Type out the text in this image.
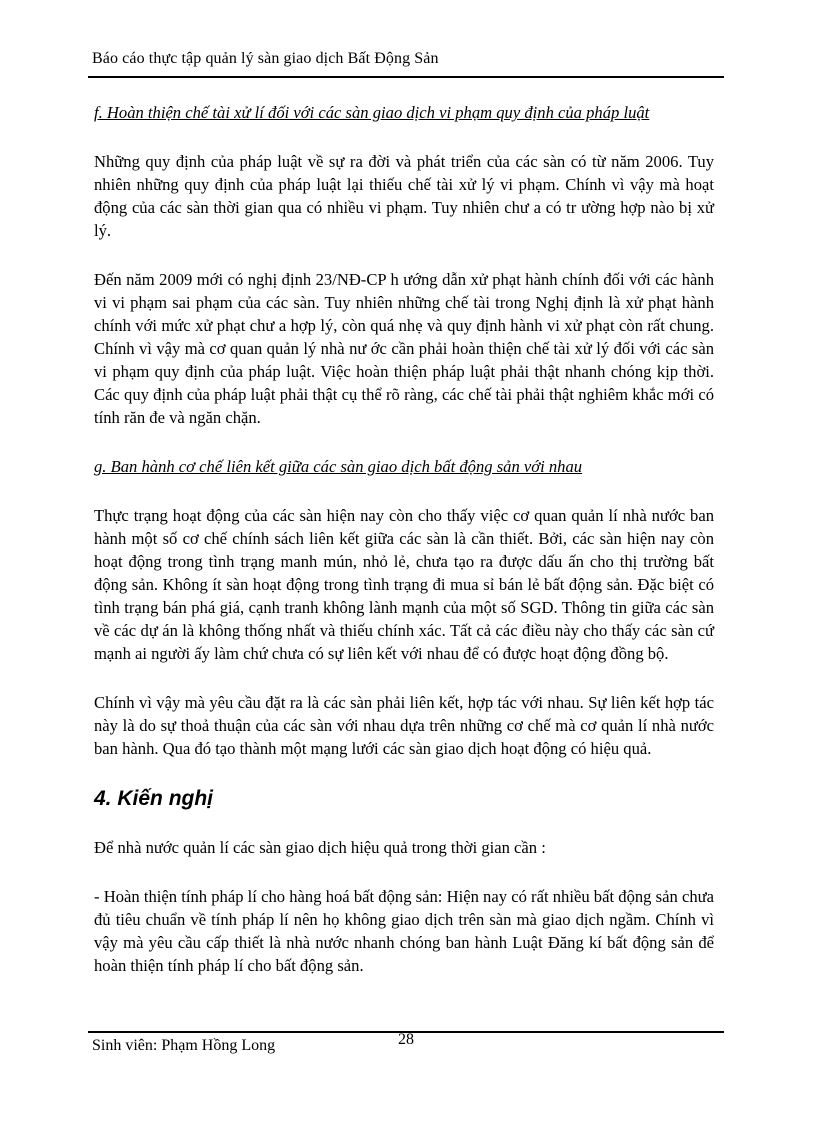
Báo cáo thực tập quản lý sàn giao dịch Bất Động Sản

f. Hoàn thiện chế tài xử lí đối với các sàn giao dịch vi phạm quy định của pháp luật

Những quy định của pháp luật về sự ra đời và phát triển của các sàn có từ năm 2006. Tuy nhiên những quy định của pháp luật lại thiếu chế tài xử lý vi phạm. Chính vì vậy mà hoạt động của các sàn thời gian qua có nhiều vi phạm. Tuy nhiên chư a có tr ường hợp nào bị xử lý.

Đến năm 2009 mới có nghị định 23/NĐ-CP h ướng dẫn xử phạt hành chính đối với các hành vi vi phạm sai phạm của các sàn. Tuy nhiên những chế tài trong Nghị định là xử phạt hành chính với mức xử phạt chư a hợp lý, còn quá nhẹ và quy định hành vi xử phạt còn rất chung. Chính vì vậy mà cơ quan quản lý nhà nư ớc cần phải hoàn thiện chế tài xử lý đối với các sàn vi phạm quy định của pháp luật. Việc hoàn thiện pháp luật phải thật nhanh chóng kịp thời. Các quy định của pháp luật phải thật cụ thể rõ ràng, các chế tài phải thật nghiêm khắc mới có tính răn đe và ngăn chặn.

g. Ban hành cơ chế liên kết giữa các sàn giao dịch bất động sản với nhau

Thực trạng hoạt động của các sàn hiện nay còn cho thấy việc cơ quan quản lí nhà nước ban hành một số cơ chế chính sách liên kết giữa các sàn là cần thiết. Bởi, các sàn hiện nay còn hoạt động trong tình trạng manh mún, nhỏ lẻ, chưa tạo ra được dấu ấn cho thị trường bất động sản. Không ít sàn hoạt động trong tình trạng đi mua sỉ bán lẻ bất động sản. Đặc biệt có tình trạng bán phá giá, cạnh tranh không lành mạnh của một số SGD. Thông tin giữa các sàn về các dự án là không thống nhất và thiếu chính xác. Tất cả các điều này cho thấy các sàn cứ mạnh ai người ấy làm chứ chưa có sự liên kết với nhau để có được hoạt động đồng bộ.

Chính vì vậy mà yêu cầu đặt ra là các sàn phải liên kết, hợp tác với nhau. Sự liên kết hợp tác này là do sự thoả thuận của các sàn với nhau dựa trên những cơ chế mà cơ quản lí nhà nước ban hành. Qua đó tạo thành một mạng lưới các sàn giao dịch hoạt động có hiệu quả.

4. Kiến nghị

Để nhà nước quản lí các sàn giao dịch hiệu quả trong thời gian cần :

- Hoàn thiện tính pháp lí cho hàng hoá bất động sản: Hiện nay có rất nhiều bất động sản chưa đủ tiêu chuẩn về tính pháp lí nên họ không giao dịch trên sàn mà giao dịch ngầm. Chính vì vậy mà yêu cầu cấp thiết là nhà nước nhanh chóng ban hành Luật Đăng kí bất động sản để hoàn thiện tính pháp lí cho bất động sản.

Sinh viên: Phạm Hồng Long	28
